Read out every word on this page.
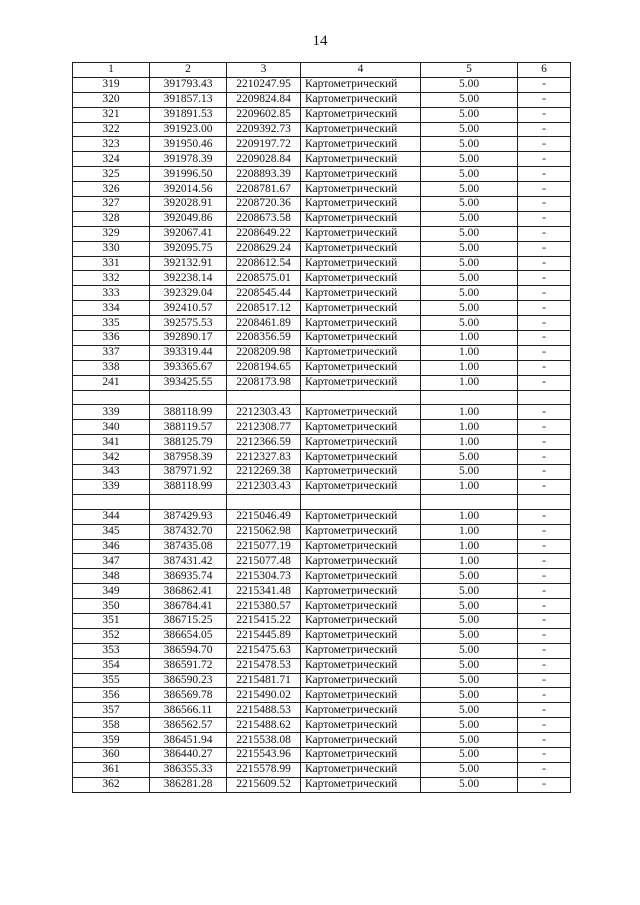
14
1	2	3	4	5	6
319	391793.43	2210247.95	Картометрический	5.00	-
320	391857.13	2209824.84	Картометрический	5.00	-
321	391891.53	2209602.85	Картометрический	5.00	-
322	391923.00	2209392.73	Картометрический	5.00	-
323	391950.46	2209197.72	Картометрический	5.00	-
324	391978.39	2209028.84	Картометрический	5.00	-
325	391996.50	2208893.39	Картометрический	5.00	-
326	392014.56	2208781.67	Картометрический	5.00	-
327	392028.91	2208720.36	Картометрический	5.00	-
328	392049.86	2208673.58	Картометрический	5.00	-
329	392067.41	2208649.22	Картометрический	5.00	-
330	392095.75	2208629.24	Картометрический	5.00	-
331	392132.91	2208612.54	Картометрический	5.00	-
332	392238.14	2208575.01	Картометрический	5.00	-
333	392329.04	2208545.44	Картометрический	5.00	-
334	392410.57	2208517.12	Картометрический	5.00	-
335	392575.53	2208461.89	Картометрический	5.00	-
336	392890.17	2208356.59	Картометрический	1.00	-
337	393319.44	2208209.98	Картометрический	1.00	-
338	393365.67	2208194.65	Картометрический	1.00	-
241	393425.55	2208173.98	Картометрический	1.00	-

339	388118.99	2212303.43	Картометрический	1.00	-
340	388119.57	2212308.77	Картометрический	1.00	-
341	388125.79	2212366.59	Картометрический	1.00	-
342	387958.39	2212327.83	Картометрический	5.00	-
343	387971.92	2212269.38	Картометрический	5.00	-
339	388118.99	2212303.43	Картометрический	1.00	-

344	387429.93	2215046.49	Картометрический	1.00	-
345	387432.70	2215062.98	Картометрический	1.00	-
346	387435.08	2215077.19	Картометрический	1.00	-
347	387431.42	2215077.48	Картометрический	1.00	-
348	386935.74	2215304.73	Картометрический	5.00	-
349	386862.41	2215341.48	Картометрический	5.00	-
350	386784.41	2215380.57	Картометрический	5.00	-
351	386715.25	2215415.22	Картометрический	5.00	-
352	386654.05	2215445.89	Картометрический	5.00	-
353	386594.70	2215475.63	Картометрический	5.00	-
354	386591.72	2215478.53	Картометрический	5.00	-
355	386590.23	2215481.71	Картометрический	5.00	-
356	386569.78	2215490.02	Картометрический	5.00	-
357	386566.11	2215488.53	Картометрический	5.00	-
358	386562.57	2215488.62	Картометрический	5.00	-
359	386451.94	2215538.08	Картометрический	5.00	-
360	386440.27	2215543.96	Картометрический	5.00	-
361	386355.33	2215578.99	Картометрический	5.00	-
362	386281.28	2215609.52	Картометрический	5.00	-
